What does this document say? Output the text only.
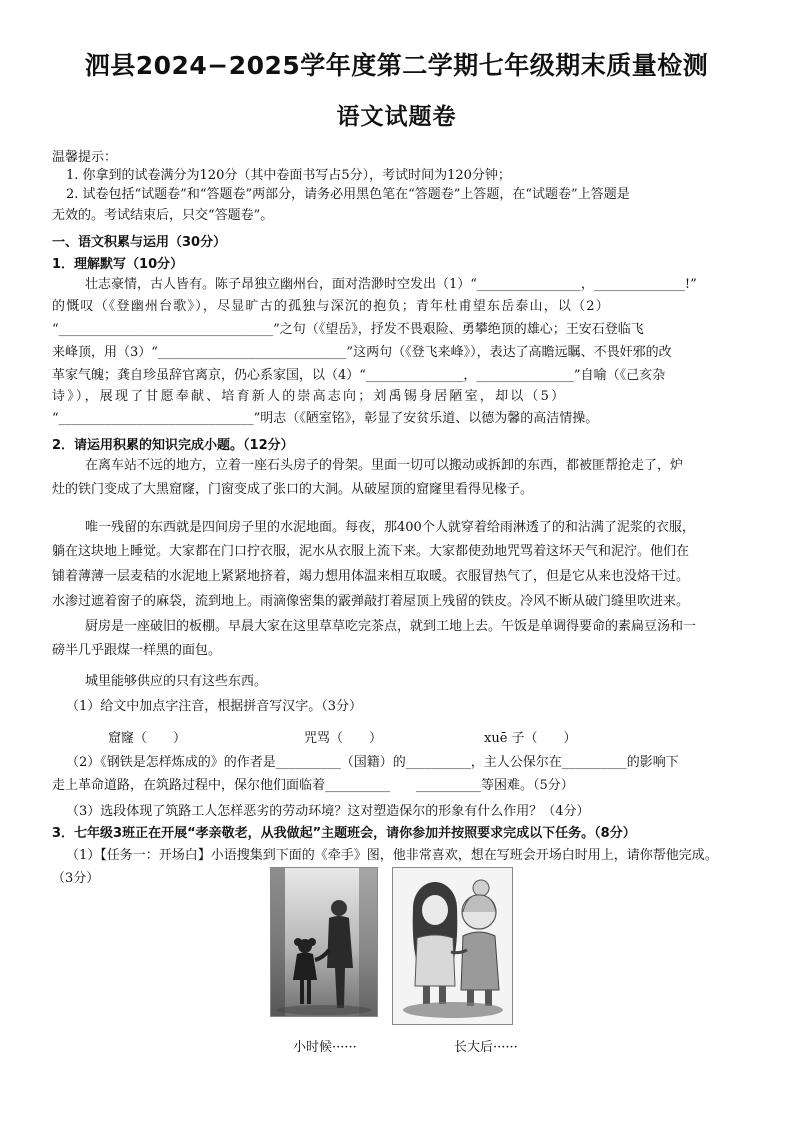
泗县2024−2025学年度第二学期七年级期末质量检测
语文试题卷
温馨提示：
1. 你拿到的试卷满分为120分（其中卷面书写占5分），考试时间为120分钟；
2. 试卷包括“试题卷”和“答题卷”两部分，请务必用黑色笔在“答题卷”上答题，在“试题卷”上答题是
无效的。考试结束后，只交“答题卷”。
一、语文积累与运用（30分）
1．理解默写（10分）
壮志豪情，古人皆有。陈子昂独立幽州台，面对浩渺时空发出（1）“________________，______________!”
的慨叹（《登幽州台歌》），尽显旷古的孤独与深沉的抱负；青年杜甫望东岳泰山，以（2）
“_________________________________”之句（《望岳》，抒发不畏艰险、勇攀绝顶的雄心；王安石登临飞
来峰顶，用（3）“_____________________________”这两句（《登飞来峰》），表达了高瞻远瞩、不畏奸邪的改
革家气魄；龚自珍虽辞官离京，仍心系家国，以（4）“_______________，_______________”自喻（《己亥杂
诗》），展现了甘愿奉献、培育新人的崇高志向；刘禹锡身居陋室，却以（5）
“______________________________”明志（《陋室铭》，彰显了安贫乐道、以德为馨的高洁情操。
2．请运用积累的知识完成小题。（12分）
在离车站不远的地方，立着一座石头房子的骨架。里面一切可以搬动或拆卸的东西，都被匪帮抢走了，炉
灶的铁门变成了大黑窟窿，门窗变成了张口的大洞。从破屋顶的窟窿里看得见椽子。
唯一残留的东西就是四间房子里的水泥地面。每夜，那400个人就穿着给雨淋透了的和沾满了泥浆的衣服，
躺在这块地上睡觉。大家都在门口拧衣服，泥水从衣服上流下来。大家都使劲地咒骂着这坏天气和泥泞。他们在
铺着薄薄一层麦秸的水泥地上紧紧地挤着，竭力想用体温来相互取暖。衣服冒热气了，但是它从来也没烙干过。
水渗过遮着窗子的麻袋，流到地上。雨滴像密集的霰弹敲打着屋顶上残留的铁皮。冷风不断从破门缝里吹进来。
厨房是一座破旧的板棚。早晨大家在这里草草吃完茶点，就到工地上去。午饭是单调得要命的素扁豆汤和一
磅半几乎跟煤一样黑的面包。
城里能够供应的只有这些东西。
（1）给文中加点字注音，根据拼音写汉字。（3分）
窟窿（　　）	咒骂（　　）	xuē 子（　　）
（2）《钢铁是怎样炼成的》的作者是__________（国籍）的__________，主人公保尔在__________的影响下
走上革命道路，在筑路过程中，保尔他们面临着__________　　__________等困难。（5分）
（3）选段体现了筑路工人怎样恶劣的劳动环境？这对塑造保尔的形象有什么作用？（4分）
3．七年级3班正在开展“孝亲敬老，从我做起”主题班会，请你参加并按照要求完成以下任务。（8分）
（1）【任务一：开场白】小语搜集到下面的《牵手》图，他非常喜欢，想在写班会开场白时用上，请你帮他完成。
（3分）
小时候······	长大后······
